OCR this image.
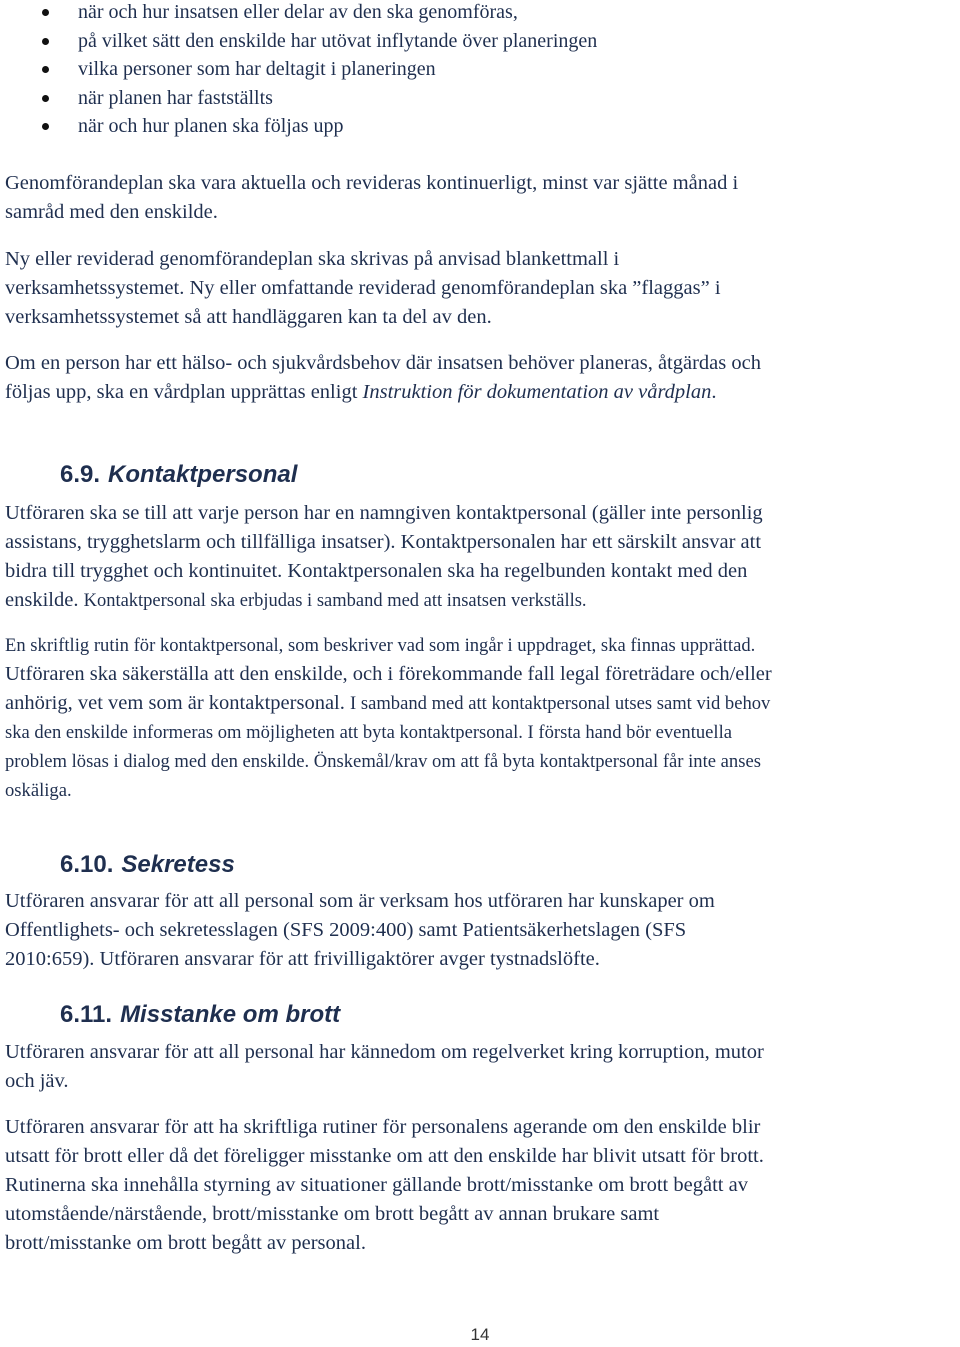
när och hur insatsen eller delar av den ska genomföras,
på vilket sätt den enskilde har utövat inflytande över planeringen
vilka personer som har deltagit i planeringen
när planen har fastställts
när och hur planen ska följas upp

Genomförandeplan ska vara aktuella och revideras kontinuerligt, minst var sjätte månad i
samråd med den enskilde.

Ny eller reviderad genomförandeplan ska skrivas på anvisad blankettmall i
verksamhetssystemet. Ny eller omfattande reviderad genomförandeplan ska ”flaggas” i
verksamhetssystemet så att handläggaren kan ta del av den.

Om en person har ett hälso- och sjukvårdsbehov där insatsen behöver planeras, åtgärdas och
följas upp, ska en vårdplan upprättas enligt Instruktion för dokumentation av vårdplan.

6.9. Kontaktpersonal

Utföraren ska se till att varje person har en namngiven kontaktpersonal (gäller inte personlig
assistans, trygghetslarm och tillfälliga insatser). Kontaktpersonalen har ett särskilt ansvar att
bidra till trygghet och kontinuitet. Kontaktpersonalen ska ha regelbunden kontakt med den
enskilde. Kontaktpersonal ska erbjudas i samband med att insatsen verkställs.

En skriftlig rutin för kontaktpersonal, som beskriver vad som ingår i uppdraget, ska finnas upprättad.
Utföraren ska säkerställa att den enskilde, och i förekommande fall legal företrädare och/eller
anhörig, vet vem som är kontaktpersonal. I samband med att kontaktpersonal utses samt vid behov
ska den enskilde informeras om möjligheten att byta kontaktpersonal. I första hand bör eventuella
problem lösas i dialog med den enskilde. Önskemål/krav om att få byta kontaktpersonal får inte anses
oskäliga.

6.10. Sekretess

Utföraren ansvarar för att all personal som är verksam hos utföraren har kunskaper om
Offentlighets- och sekretesslagen (SFS 2009:400) samt Patientsäkerhetslagen (SFS
2010:659). Utföraren ansvarar för att frivilligaktörer avger tystnadslöfte.

6.11. Misstanke om brott

Utföraren ansvarar för att all personal har kännedom om regelverket kring korruption, mutor
och jäv.

Utföraren ansvarar för att ha skriftliga rutiner för personalens agerande om den enskilde blir
utsatt för brott eller då det föreligger misstanke om att den enskilde har blivit utsatt för brott.
Rutinerna ska innehålla styrning av situationer gällande brott/misstanke om brott begått av
utomstående/närstående, brott/misstanke om brott begått av annan brukare samt
brott/misstanke om brott begått av personal.

14
